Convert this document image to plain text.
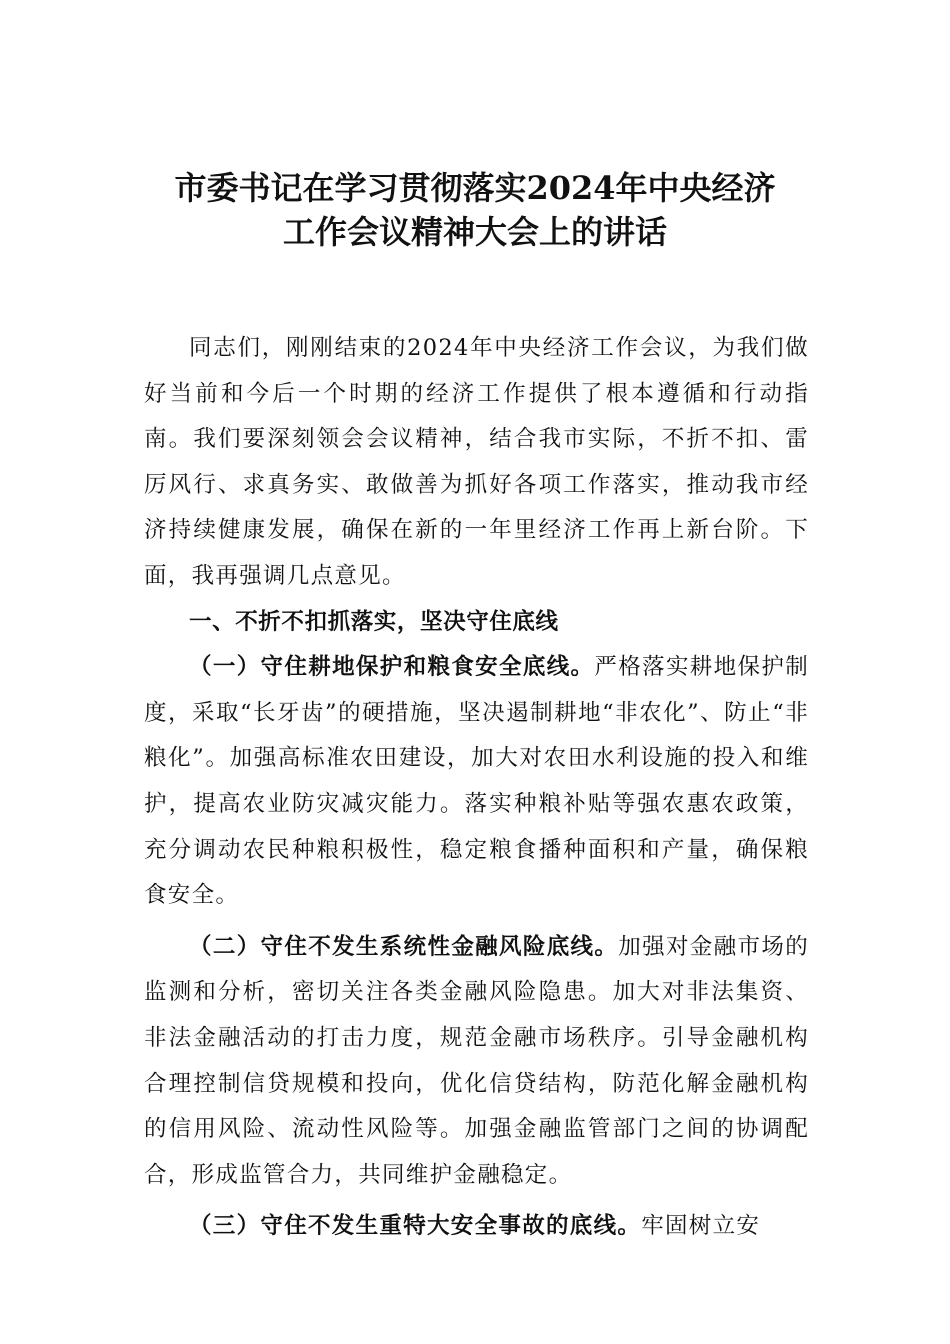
市委书记在学习贯彻落实2024年中央经济
工作会议精神大会上的讲话

同志们，刚刚结束的2024年中央经济工作会议，为我们做好当前和今后一个时期的经济工作提供了根本遵循和行动指南。我们要深刻领会会议精神，结合我市实际，不折不扣、雷厉风行、求真务实、敢做善为抓好各项工作落实，推动我市经济持续健康发展，确保在新的一年里经济工作再上新台阶。下面，我再强调几点意见。

一、不折不扣抓落实，坚决守住底线

（一）守住耕地保护和粮食安全底线。严格落实耕地保护制度，采取“长牙齿”的硬措施，坚决遏制耕地“非农化”、防止“非粮化”。加强高标准农田建设，加大对农田水利设施的投入和维护，提高农业防灾减灾能力。落实种粮补贴等强农惠农政策，充分调动农民种粮积极性，稳定粮食播种面积和产量，确保粮食安全。

（二）守住不发生系统性金融风险底线。加强对金融市场的监测和分析，密切关注各类金融风险隐患。加大对非法集资、非法金融活动的打击力度，规范金融市场秩序。引导金融机构合理控制信贷规模和投向，优化信贷结构，防范化解金融机构的信用风险、流动性风险等。加强金融监管部门之间的协调配合，形成监管合力，共同维护金融稳定。

（三）守住不发生重特大安全事故的底线。牢固树立安
